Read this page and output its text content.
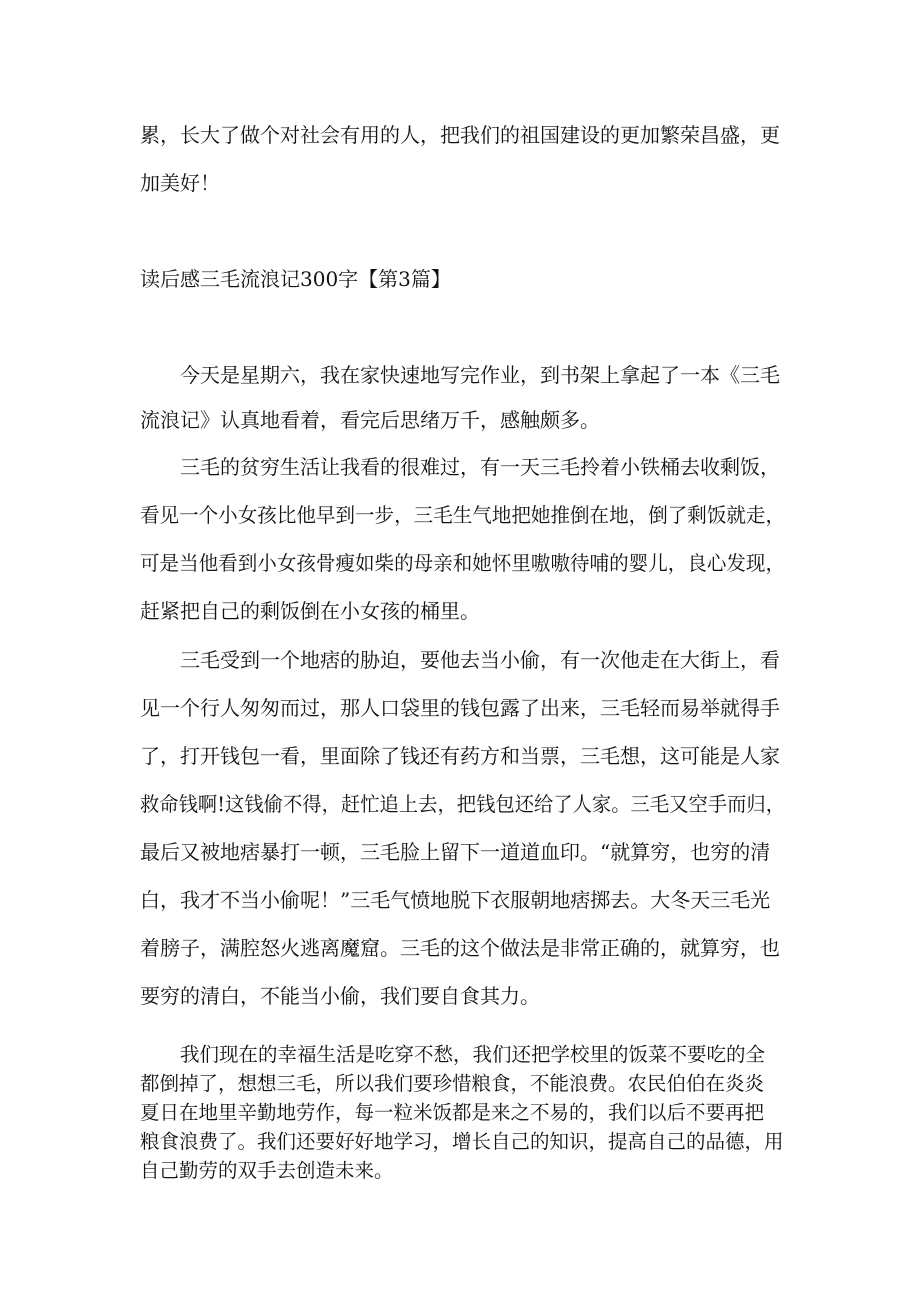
累，长大了做个对社会有用的人，把我们的祖国建设的更加繁荣昌盛，更
加美好！
读后感三毛流浪记300字【第3篇】
今天是星期六，我在家快速地写完作业，到书架上拿起了一本《三毛
流浪记》认真地看着，看完后思绪万千，感触颇多。
三毛的贫穷生活让我看的很难过，有一天三毛拎着小铁桶去收剩饭，
看见一个小女孩比他早到一步，三毛生气地把她推倒在地，倒了剩饭就走，
可是当他看到小女孩骨瘦如柴的母亲和她怀里嗷嗷待哺的婴儿，良心发现，
赶紧把自己的剩饭倒在小女孩的桶里。
三毛受到一个地痞的胁迫，要他去当小偷，有一次他走在大街上，看
见一个行人匆匆而过，那人口袋里的钱包露了出来，三毛轻而易举就得手
了，打开钱包一看，里面除了钱还有药方和当票，三毛想，这可能是人家
救命钱啊!这钱偷不得，赶忙追上去，把钱包还给了人家。三毛又空手而归，
最后又被地痞暴打一顿，三毛脸上留下一道道血印。“就算穷，也穷的清
白，我才不当小偷呢！”三毛气愤地脱下衣服朝地痞掷去。大冬天三毛光
着膀子，满腔怒火逃离魔窟。三毛的这个做法是非常正确的，就算穷，也
要穷的清白，不能当小偷，我们要自食其力。
我们现在的幸福生活是吃穿不愁，我们还把学校里的饭菜不要吃的全
都倒掉了，想想三毛，所以我们要珍惜粮食，不能浪费。农民伯伯在炎炎
夏日在地里辛勤地劳作，每一粒米饭都是来之不易的，我们以后不要再把
粮食浪费了。我们还要好好地学习，增长自己的知识，提高自己的品德，用
自己勤劳的双手去创造未来。
